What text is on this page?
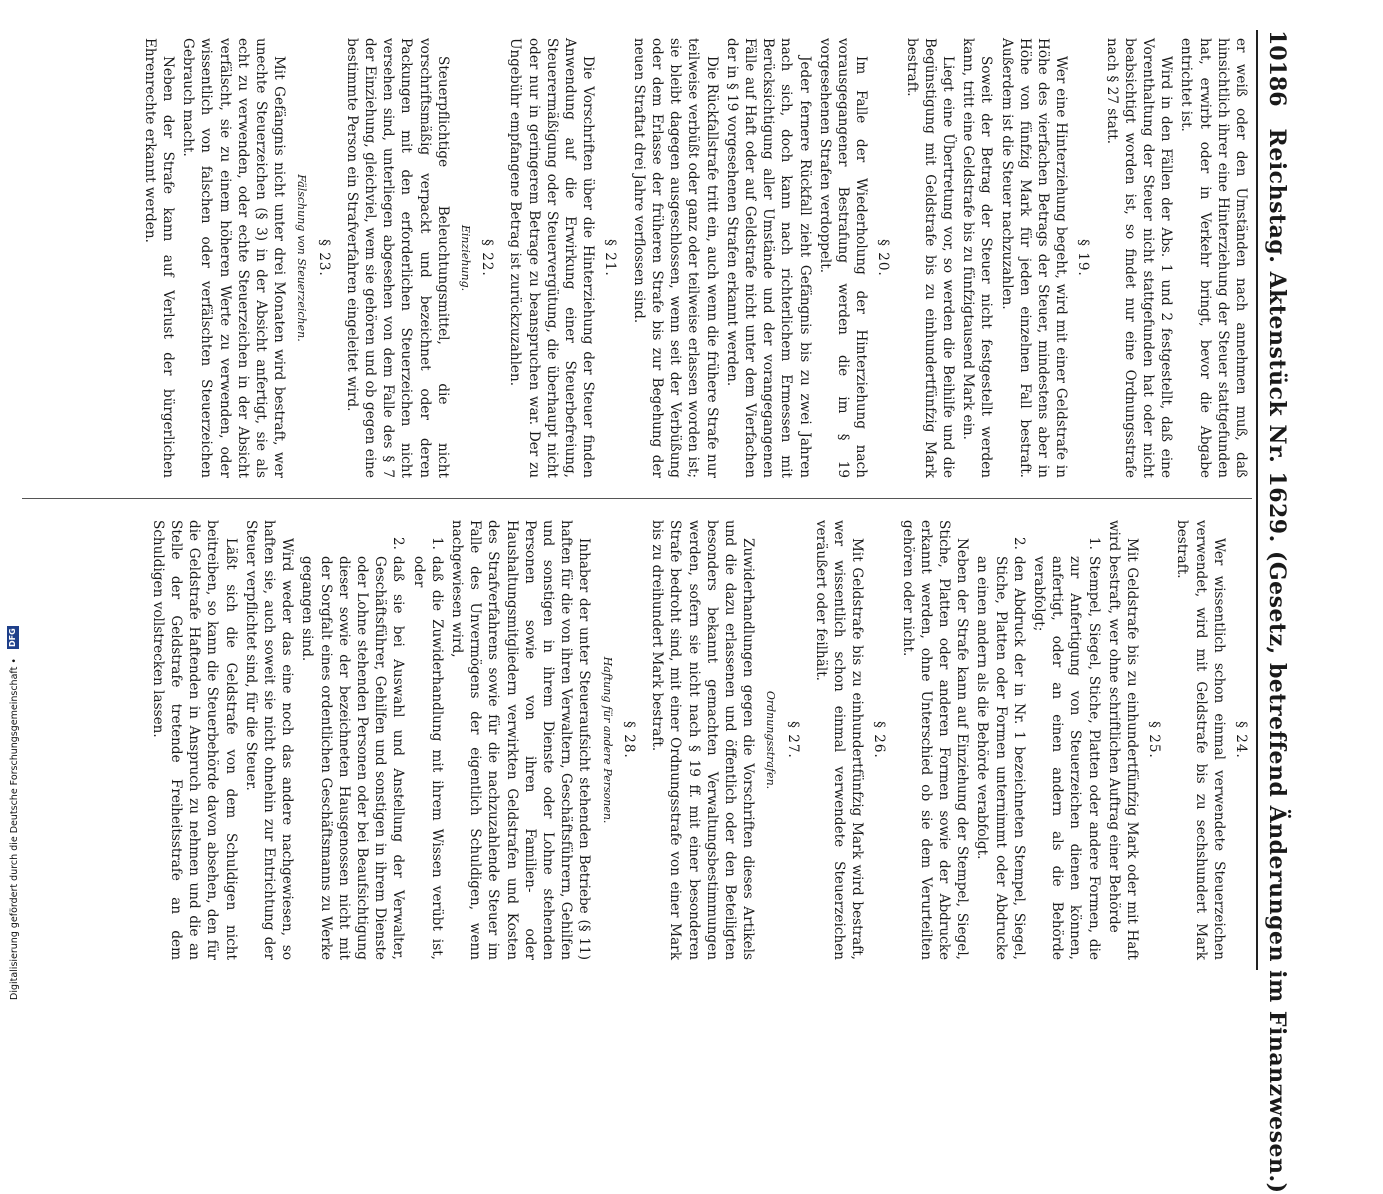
10186
Reichstag. Aktenstück Nr. 1629. (Gesetz, betreffend Änderungen im Finanzwesen.)

er weiß oder den Umständen nach annehmen muß, daß hinsichtlich ihrer eine Hinterziehung der Steuer stattgefunden hat, erwirbt oder in Verkehr bringt, bevor die Abgabe entrichtet ist.

Wird in den Fällen der Abs. 1 und 2 festgestellt, daß eine Vorenthaltung der Steuer nicht stattgefunden hat oder nicht beabsichtigt worden ist, so findet nur eine Ordnungsstrafe nach § 27 statt.

§ 19.

Wer eine Hinterziehung begeht, wird mit einer Geldstrafe in Höhe des vierfachen Betrags der Steuer, mindestens aber in Höhe von fünfzig Mark für jeden einzelnen Fall bestraft. Außerdem ist die Steuer nachzuzahlen.

Soweit der Betrag der Steuer nicht festgestellt werden kann, tritt eine Geldstrafe bis zu fünfzigtausend Mark ein.

Liegt eine Übertretung vor, so werden die Beihilfe und die Begünstigung mit Geldstrafe bis zu einhundertfünfzig Mark bestraft.

§ 20.

Im Falle der Wiederholung der Hinterziehung nach vorausgegangener Bestrafung werden die im § 19 vorgesehenen Strafen verdoppelt.

Jeder fernere Rückfall zieht Gefängnis bis zu zwei Jahren nach sich, doch kann nach richterlichem Ermessen mit Berücksichtigung aller Umstände und der vorangegangenen Fälle auf Haft oder auf Geldstrafe nicht unter dem Vierfachen der in § 19 vorgesehenen Strafen erkannt werden.

Die Rückfallstrafe tritt ein, auch wenn die frühere Strafe nur teilweise verbüßt oder ganz oder teilweise erlassen worden ist; sie bleibt dagegen ausgeschlossen, wenn seit der Verbüßung oder dem Erlasse der früheren Strafe bis zur Begehung der neuen Straftat drei Jahre verflossen sind.

§ 21.

Die Vorschriften über die Hinterziehung der Steuer finden Anwendung auf die Erwirkung einer Steuerbefreiung, Steuerermäßigung oder Steuervergütung, die überhaupt nicht oder nur in geringerem Betrage zu beanspruchen war. Der zu Ungebühr empfangene Betrag ist zurückzuzahlen.

§ 22.
Einziehung.

Steuerpflichtige Beleuchtungsmittel, die nicht vorschriftsmäßig verpackt und bezeichnet oder deren Packungen mit den erforderlichen Steuerzeichen nicht versehen sind, unterliegen abgesehen von dem Falle des § 7 der Einziehung, gleichviel, wem sie gehören und ob gegen eine bestimmte Person ein Strafverfahren eingeleitet wird.

§ 23.
Fälschung von Steuerzeichen.

Mit Gefängnis nicht unter drei Monaten wird bestraft, wer unechte Steuerzeichen (§ 3) in der Absicht anfertigt, sie als echt zu verwenden, oder echte Steuerzeichen in der Absicht verfälscht, sie zu einem höheren Werte zu verwenden, oder wissentlich von falschen oder verfälschten Steuerzeichen Gebrauch macht.

Neben der Strafe kann auf Verlust der bürgerlichen Ehrenrechte erkannt werden.

§ 24.

Wer wissentlich schon einmal verwendete Steuerzeichen verwendet, wird mit Geldstrafe bis zu sechshundert Mark bestraft.

§ 25.

Mit Geldstrafe bis zu einhundertfünfzig Mark oder mit Haft wird bestraft, wer ohne schriftlichen Auftrag einer Behörde

1.
Stempel, Siegel, Stiche, Platten oder andere Formen, die zur Anfertigung von Steuerzeichen dienen können, anfertigt, oder an einen andern als die Behörde verabfolgt;
2.
den Abdruck der in Nr. 1 bezeichneten Stempel, Siegel, Stiche, Platten oder Formen unternimmt oder Abdrucke an einen andern als die Behörde verabfolgt.

Neben der Strafe kann auf Einziehung der Stempel, Siegel, Stiche, Platten oder anderen Formen sowie der Abdrucke erkannt werden, ohne Unterschied ob sie dem Verurteilten gehören oder nicht.

§ 26.

Mit Geldstrafe bis zu einhundertfünfzig Mark wird bestraft, wer wissentlich schon einmal verwendete Steuerzeichen veräußert oder feilhält.

§ 27.
Ordnungsstrafen.

Zuwiderhandlungen gegen die Vorschriften dieses Artikels und die dazu erlassenen und öffentlich oder den Beteiligten besonders bekannt gemachten Verwaltungsbestimmungen werden, sofern sie nicht nach § 19 ff. mit einer besonderen Strafe bedroht sind, mit einer Ordnungsstrafe von einer Mark bis zu dreihundert Mark bestraft.

§ 28.
Haftung für andere Personen.

Inhaber der unter Steueraufsicht stehenden Betriebe (§ 11) haften für die von ihren Verwaltern, Geschäftsführern, Gehilfen und sonstigen in ihrem Dienste oder Lohne stehenden Personen sowie von ihren Familien- oder Haushaltungsmitgliedern verwirkten Geldstrafen und Kosten des Strafverfahrens sowie für die nachzuzahlende Steuer im Falle des Unvermögens der eigentlich Schuldigen, wenn nachgewiesen wird,

1.
daß die Zuwiderhandlung mit ihrem Wissen verübt ist, oder
2.
daß sie bei Auswahl und Anstellung der Verwalter, Geschäftsführer, Gehilfen und sonstigen in ihrem Dienste oder Lohne stehenden Personen oder bei Beaufsichtigung dieser sowie der bezeichneten Hausgenossen nicht mit der Sorgfalt eines ordentlichen Geschäftsmanns zu Werke gegangen sind.

Wird weder das eine noch das andere nachgewiesen, so haften sie, auch soweit sie nicht ohnehin zur Entrichtung der Steuer verpflichtet sind, für die Steuer.

Läßt sich die Geldstrafe von dem Schuldigen nicht beitreiben, so kann die Steuerbehörde davon absehen, den für die Geldstrafe Haftenden in Anspruch zu nehmen und die an Stelle der Geldstrafe tretende Freiheitsstrafe an dem Schuldigen vollstrecken lassen.

Digitalisierung gefördert durch die Deutsche Forschungsgemeinschaft • DFG
